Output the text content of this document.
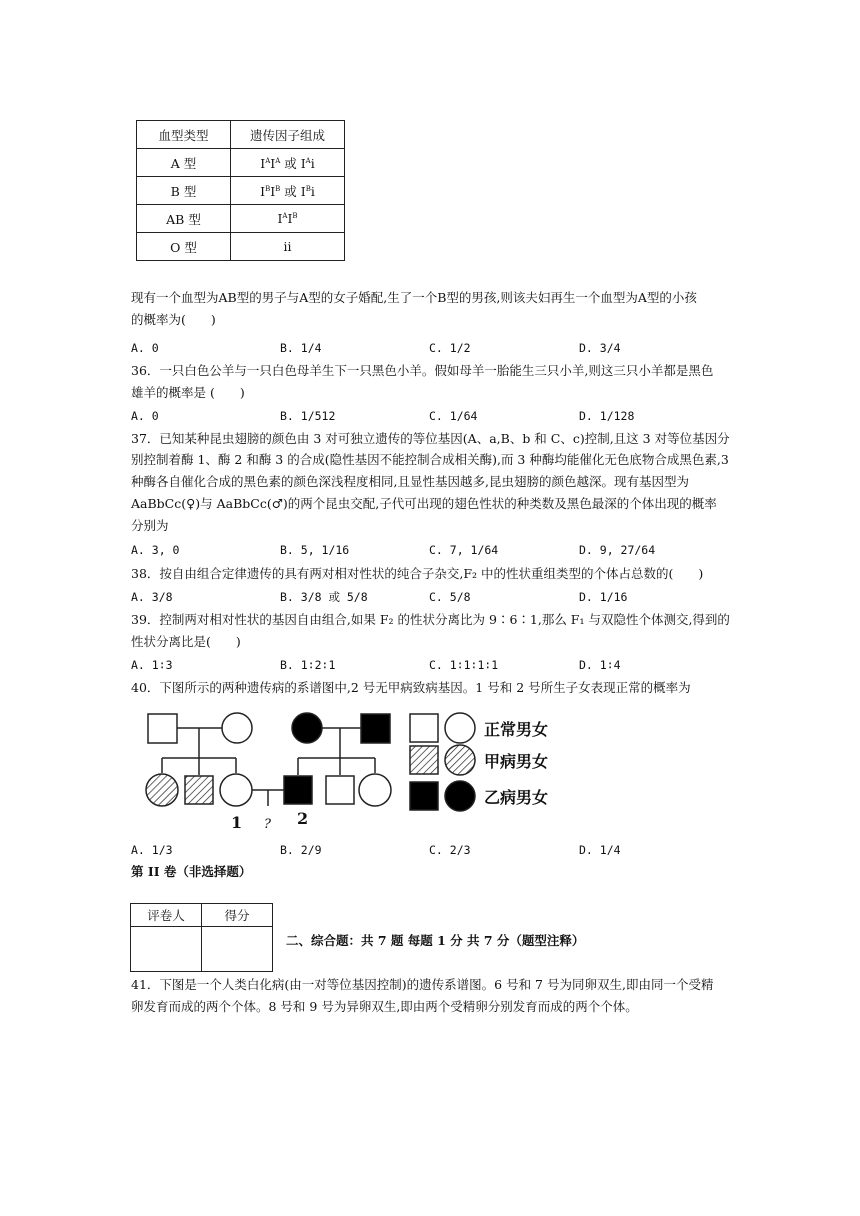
血型类型	遗传因子组成
A 型	$I^AI^A$ 或 $I^Ai$
B 型	$I^BI^B$ 或 $I^Bi$
AB 型	$I^AI^B$
O 型	ii
现有一个血型为AB型的男子与A型的女子婚配,生了一个B型的男孩,则该夫妇再生一个血型为A型的小孩
的概率为(　　)
A. 0	B. 1/4	C. 1/2	D. 3/4
36．一只白色公羊与一只白色母羊生下一只黑色小羊。假如母羊一胎能生三只小羊,则这三只小羊都是黑色
雄羊的概率是 (　　)
A. 0	B. 1/512	C. 1/64	D. 1/128
37．已知某种昆虫翅膀的颜色由 3 对可独立遗传的等位基因(A、a,B、b 和 C、c)控制,且这 3 对等位基因分
别控制着酶 1、酶 2 和酶 3 的合成(隐性基因不能控制合成相关酶),而 3 种酶均能催化无色底物合成黑色素,3
种酶各自催化合成的黑色素的颜色深浅程度相同,且显性基因越多,昆虫翅膀的颜色越深。现有基因型为
AaBbCc(♀)与 AaBbCc(♂)的两个昆虫交配,子代可出现的翅色性状的种类数及黑色最深的个体出现的概率
分别为
A. 3, 0	B. 5, 1/16	C. 7, 1/64	D. 9, 27/64
38．按自由组合定律遗传的具有两对相对性状的纯合子杂交,F₂ 中的性状重组类型的个体占总数的(　　)
A. 3/8	B. 3/8 或 5/8	C. 5/8	D. 1/16
39．控制两对相对性状的基因自由组合,如果 F₂ 的性状分离比为 9∶6∶1,那么 F₁ 与双隐性个体测交,得到的
性状分离比是(　　)
A. 1∶3	B. 1∶2∶1	C. 1∶1∶1∶1	D. 1∶4
40．下图所示的两种遗传病的系谱图中,2 号无甲病致病基因。1 号和 2 号所生子女表现正常的概率为
1 ? 2
正常男女
甲病男女
乙病男女
A. 1/3	B. 2/9	C. 2/3	D. 1/4
第 II 卷（非选择题）
评卷人	得分

二、综合题：共 7 题 每题 1 分 共 7 分（题型注释）
41．下图是一个人类白化病(由一对等位基因控制)的遗传系谱图。6 号和 7 号为同卵双生,即由同一个受精
卵发育而成的两个个体。8 号和 9 号为异卵双生,即由两个受精卵分别发育而成的两个个体。
